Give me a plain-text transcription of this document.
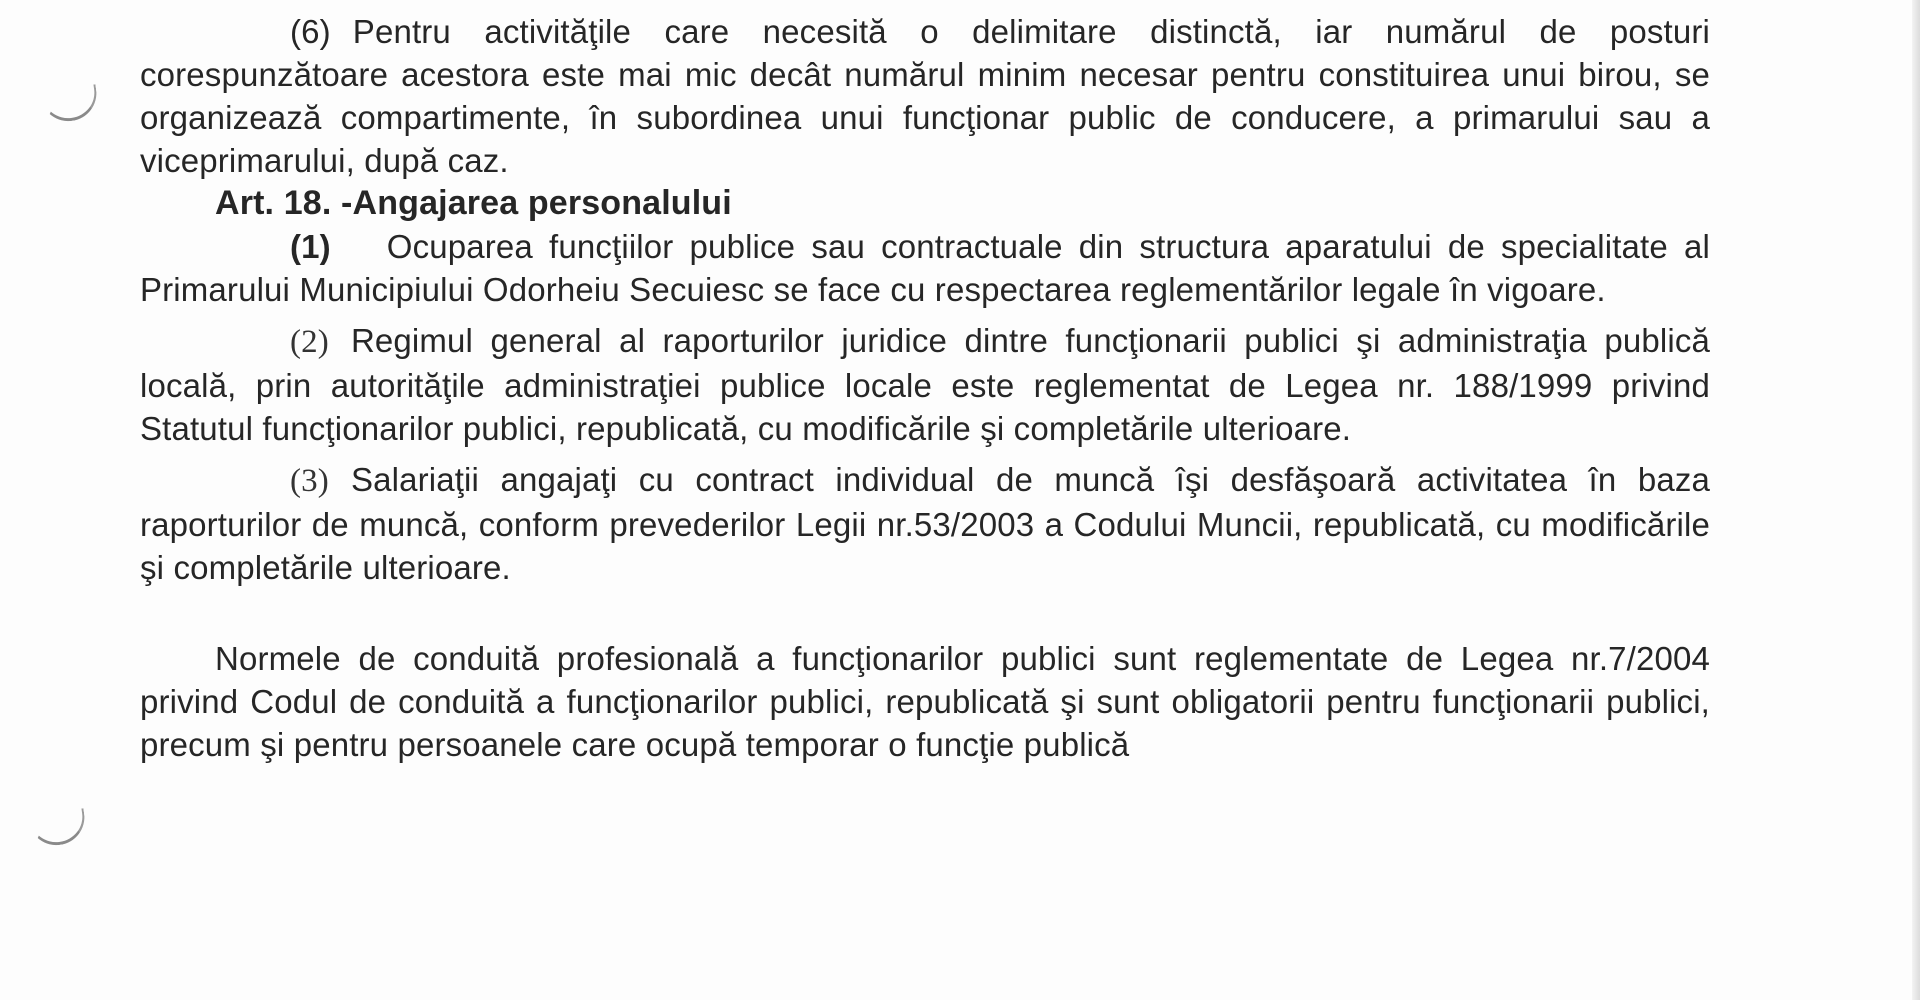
(6) Pentru activităţile care necesită o delimitare distinctă, iar numărul de posturi corespunzătoare acestora este mai mic decât numărul minim necesar pentru constituirea unui birou, se organizează compartimente, în subordinea unui funcţionar public de conducere, a primarului sau a viceprimarului, după caz.

Art. 18. -Angajarea personalului

(1) Ocuparea funcţiilor publice sau contractuale din structura aparatului de specialitate al Primarului Municipiului Odorheiu Secuiesc se face cu respectarea reglementărilor legale în vigoare.

(2) Regimul general al raporturilor juridice dintre funcţionarii publici şi administraţia publică locală, prin autorităţile administraţiei publice locale este reglementat de Legea nr. 188/1999 privind Statutul funcţionarilor publici, republicată, cu modificările şi completările ulterioare.

(3) Salariaţii angajaţi cu contract individual de muncă îşi desfăşoară activitatea în baza raporturilor de muncă, conform prevederilor Legii nr.53/2003 a Codului Muncii, republicată, cu modificările şi completările ulterioare.

Normele de conduită profesională a funcţionarilor publici sunt reglementate de Legea nr.7/2004 privind Codul de conduită a funcţionarilor publici, republicată şi sunt obligatorii pentru funcţionarii publici, precum şi pentru persoanele care ocupă temporar o funcţie publică
